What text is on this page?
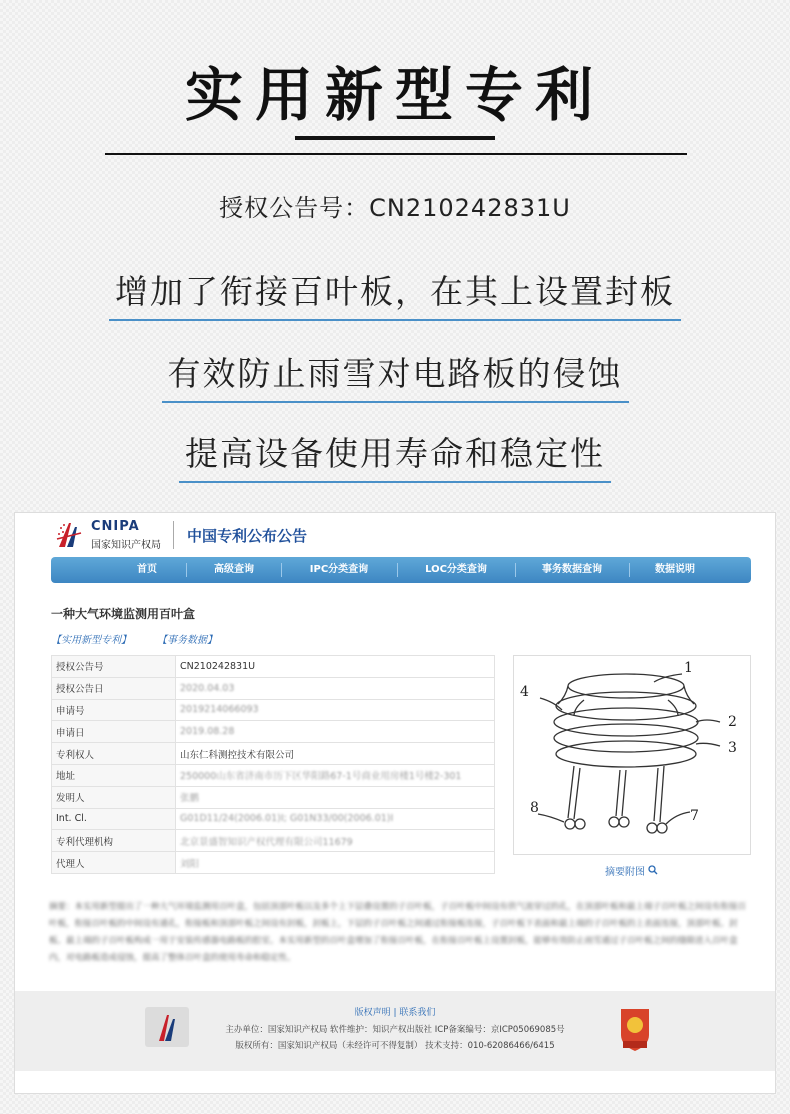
实用新型专利
授权公告号：CN210242831U
增加了衔接百叶板，在其上设置封板
有效防止雨雪对电路板的侵蚀
提高设备使用寿命和稳定性
CNIPA
国家知识产权局
中国专利公布公告
首页	高级查询	IPC分类查询	LOC分类查询	事务数据查询	数据说明
一种大气环境监测用百叶盒
【实用新型专利】	【事务数据】
授权公告号	CN210242831U
授权公告日	2020.04.03
申请号	2019214066093
申请日	2019.08.28
专利权人	山东仁科测控技术有限公司
地址	250000山东省济南市历下区华阳路67-1号商业用房楼1号楼2-301
发明人	张鹏
Int. Cl.	G01D11/24(2006.01)I; G01N33/00(2006.01)I
专利代理机构	北京景盛智知识产权代理有限公司11679
代理人	刘阳
1
2
3
4
7
8
摘要附图
摘要：本实用新型提出了一种大气环境监测用百叶盒，包括顶部叶板以及多个上下层叠设置的子百叶板，子百叶板中间设有供气流穿过的孔，在顶部叶板和最上端子百叶板之间设有衔接百叶板，衔接百叶板的中间设有通孔，衔接板和顶部叶板之间设有封板，封板上，下层的子百叶板之间通过衔接板连接，子百叶板下表面和最上端的子百叶板的上表面连接，顶部叶板、封板、最上端的子百叶板构成一用于安装传感器电路板的腔室。本实用新型的百叶盒增加了衔接百叶板，在衔接百叶板上设置封板，能够有效防止雨雪通过子百叶板之间的缝隙进入百叶盒内，对电路板造成侵蚀，提高了整体百叶盒的使用寿命和稳定性。
版权声明 | 联系我们
主办单位：国家知识产权局 软件维护：知识产权出版社 ICP备案编号：京ICP05069085号
版权所有：国家知识产权局（未经许可不得复制） 技术支持：010-62086466/6415
